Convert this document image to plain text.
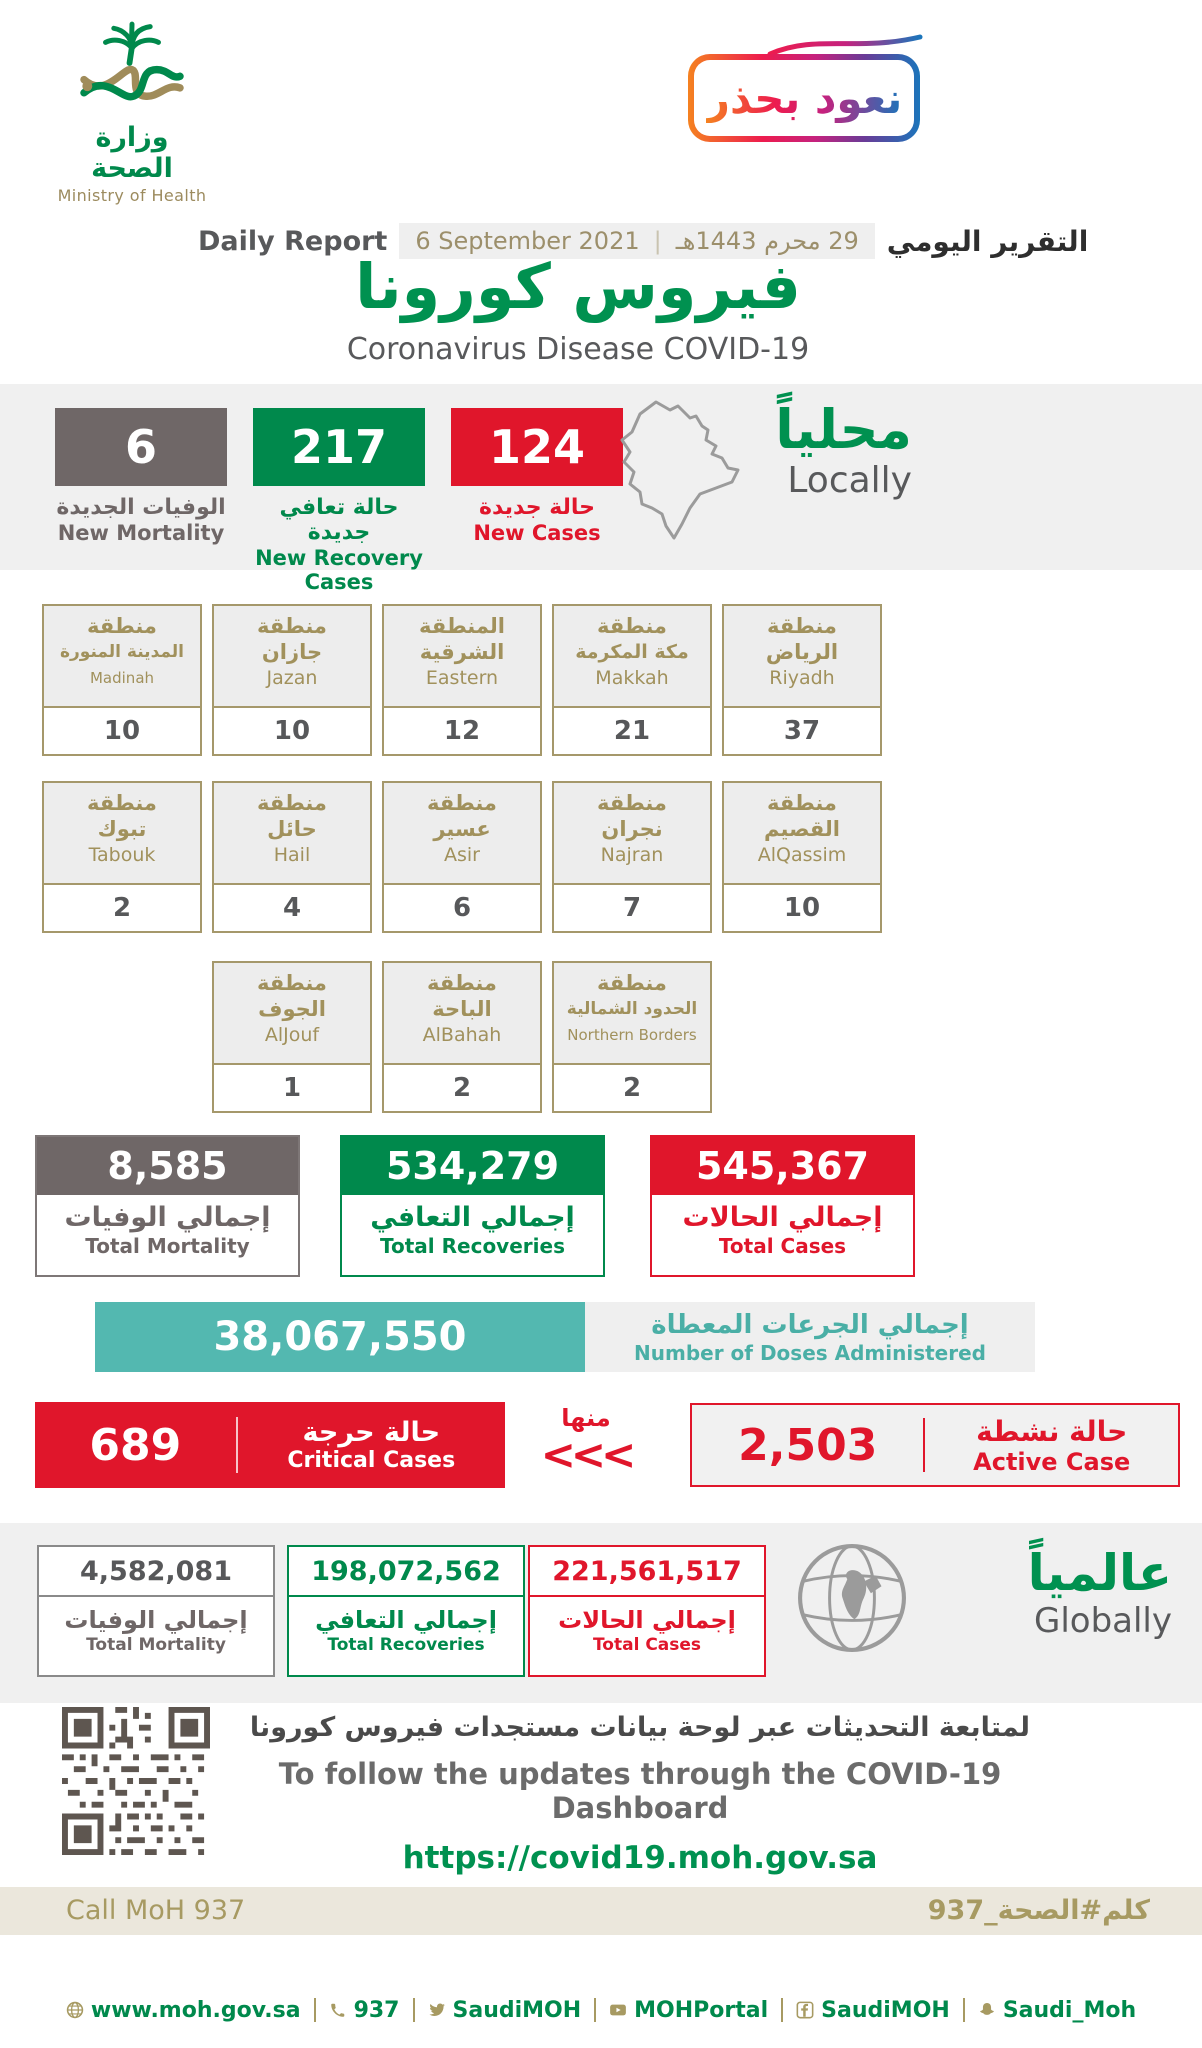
وزارة الصحة
Ministry of Health
نعود بحذر
Daily Report 6 September 2021 | 29 محرم 1443هـ التقرير اليومي
فيروس كورونا
Coronavirus Disease COVID-19
6
الوفيات الجديدة
New Mortality
217
حالة تعافي جديدة
New Recovery Cases
124
حالة جديدة
New Cases
محلياً
Locally
منطقة
المدينة المنورة
Madinah
10
منطقة
جازان
Jazan
10
المنطقة
الشرقية
Eastern
12
منطقة
مكة المكرمة
Makkah
21
منطقة
الرياض
Riyadh
37
منطقة
تبوك
Tabouk
2
منطقة
حائل
Hail
4
منطقة
عسير
Asir
6
منطقة
نجران
Najran
7
منطقة
القصيم
AlQassim
10
منطقة
الجوف
AlJouf
1
منطقة
الباحة
AlBahah
2
منطقة
الحدود الشمالية
Northern Borders
2
8,585
إجمالي الوفيات
Total Mortality
534,279
إجمالي التعافي
Total Recoveries
545,367
إجمالي الحالات
Total Cases
38,067,550	إجمالي الجرعات المعطاة
Number of Doses Administered
689	حالة حرجة
Critical Cases
منها
<<<	2,503	حالة نشطة
Active Case
4,582,081
إجمالي الوفيات
Total Mortality
198,072,562
إجمالي التعافي
Total Recoveries
221,561,517
إجمالي الحالات
Total Cases
عالمياً
Globally
لمتابعة التحديثات عبر لوحة بيانات مستجدات فيروس كورونا
To follow the updates through the COVID-19 Dashboard
https://covid19.moh.gov.sa
Call MoH 937	كلم#الصحة_937
www.moh.gov.sa 937 SaudiMOH MOHPortal SaudiMOH Saudi_Moh
